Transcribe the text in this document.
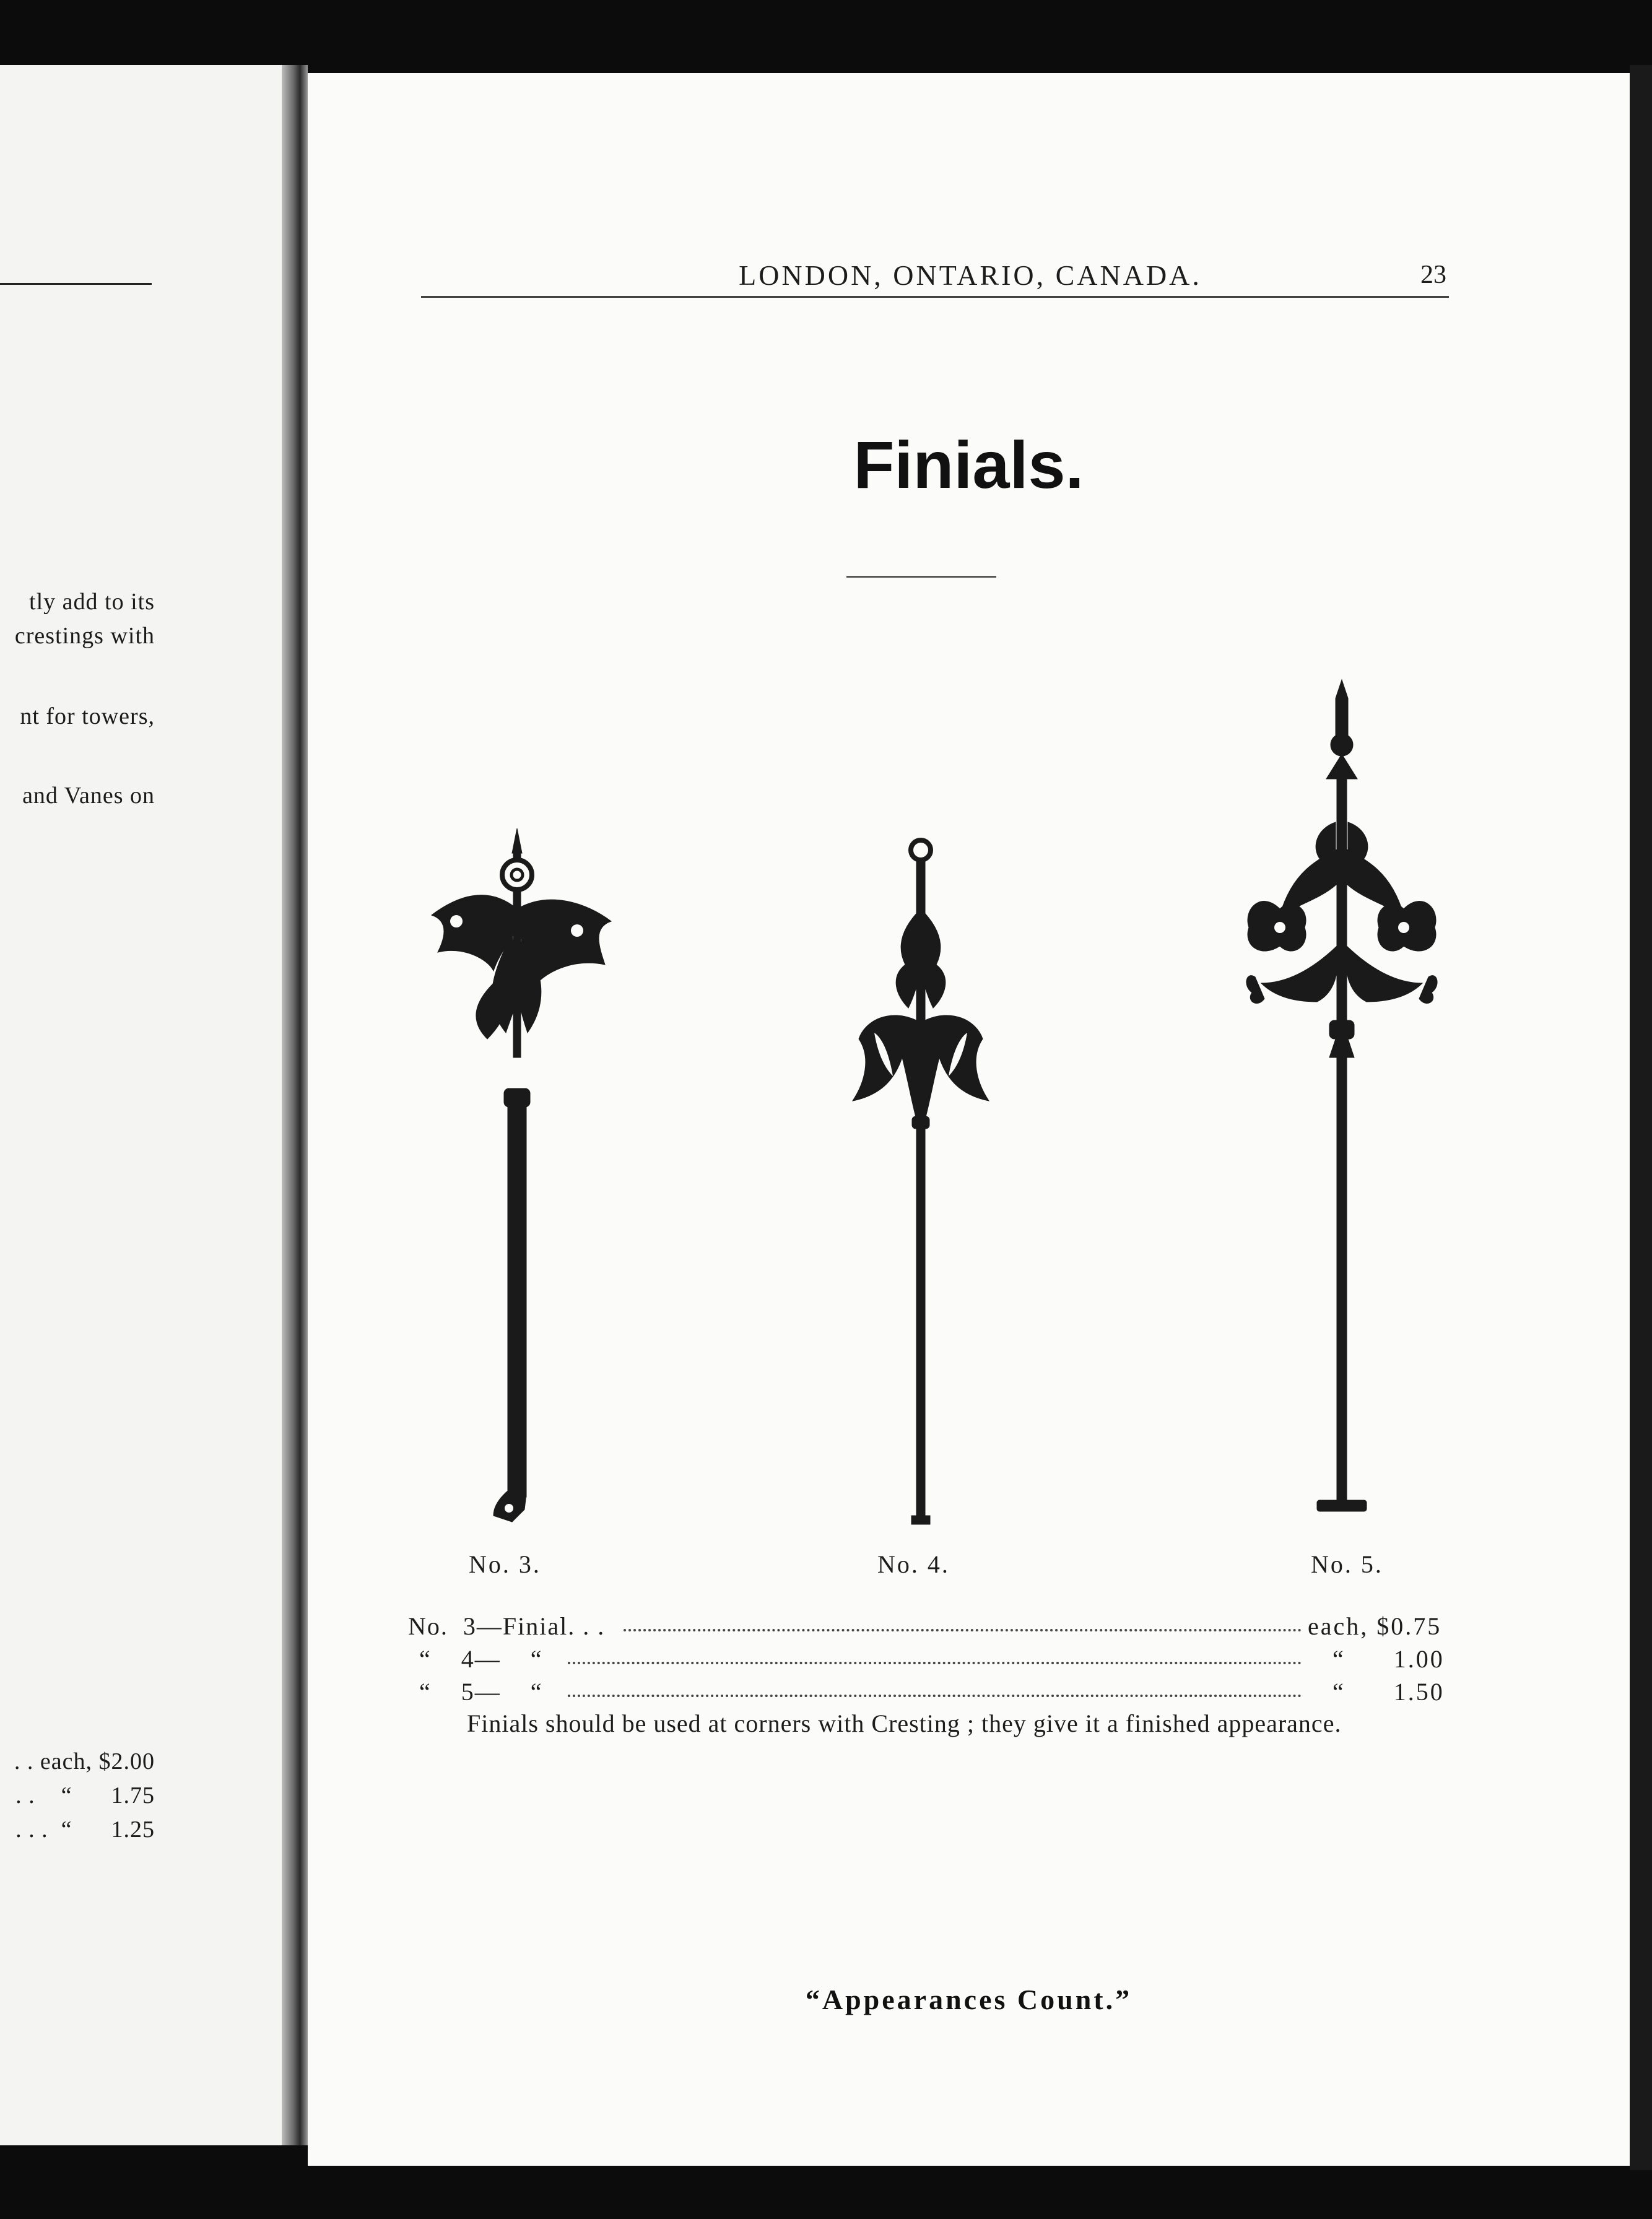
tly add to its
crestings with
nt for towers,
and Vanes on
. . each, $2.00
. .    “      1.75
. . .  “      1.25
LONDON, ONTARIO, CANADA.	23
Finials.
No. 3.	No. 4.	No. 5.
No.  3—Finial. . .	each, $0.75
“    4—    “	“      1.00
“    5—    “	“      1.50
Finials should be used at corners with Cresting ; they give it a finished appearance.
“Appearances Count.”
